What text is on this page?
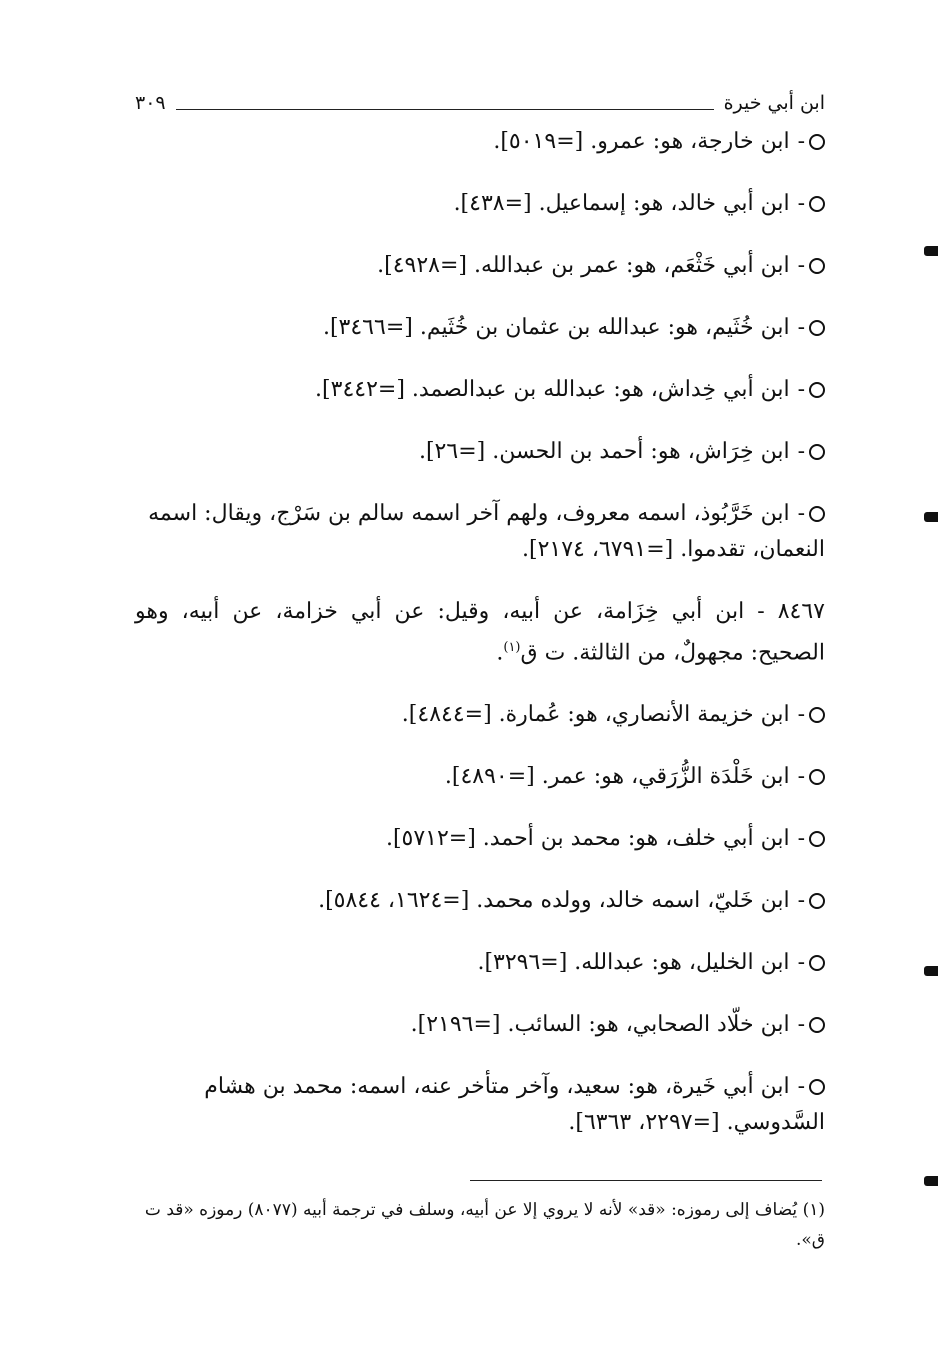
ابن أبي خيرة
٣٠٩
-ابن خارجة، هو: عمرو. [=٥٠١٩].
-ابن أبي خالد، هو: إسماعيل. [=٤٣٨].
-ابن أبي خَثْعَم، هو: عمر بن عبدالله. [=٤٩٢٨].
-ابن خُثَيم، هو: عبدالله بن عثمان بن خُثَيم. [=٣٤٦٦].
-ابن أبي خِداش، هو: عبدالله بن عبدالصمد. [=٣٤٤٢].
-ابن خِرَاش، هو: أحمد بن الحسن. [=٢٦].
-ابن خَرَّبُوذ، اسمه معروف، ولهم آخر اسمه سالم بن سَرْج، ويقال: اسمه النعمان، تقدموا. [=٦٧٩١، ٢١٧٤].
٨٤٦٧ - ابن أبي خِزَامة، عن أبيه، وقيل: عن أبي خزامة، عن أبيه، وهو الصحيح: مجهولٌ، من الثالثة. ت ق$^{(١)}$.
-ابن خزيمة الأنصاري، هو: عُمارة. [=٤٨٤٤].
-ابن خَلْدَة الزُّرَقي، هو: عمر. [=٤٨٩٠].
-ابن أبي خلف، هو: محمد بن أحمد. [=٥٧١٢].
-ابن خَليّ، اسمه خالد، وولده محمد. [=١٦٢٤، ٥٨٤٤].
-ابن الخليل، هو: عبدالله. [=٣٢٩٦].
-ابن خلّاد الصحابي، هو: السائب. [=٢١٩٦].
-ابن أبي خَيرة، هو: سعيد، وآخر متأخر عنه، اسمه: محمد بن هشام السَّدوسي. [=٢٢٩٧، ٦٣٦٣].
(١) يُضاف إلى رموزه: «قد» لأنه لا يروي إلا عن أبيه، وسلف في ترجمة أبيه (٨٠٧٧) رموزه «قد ت ق».
